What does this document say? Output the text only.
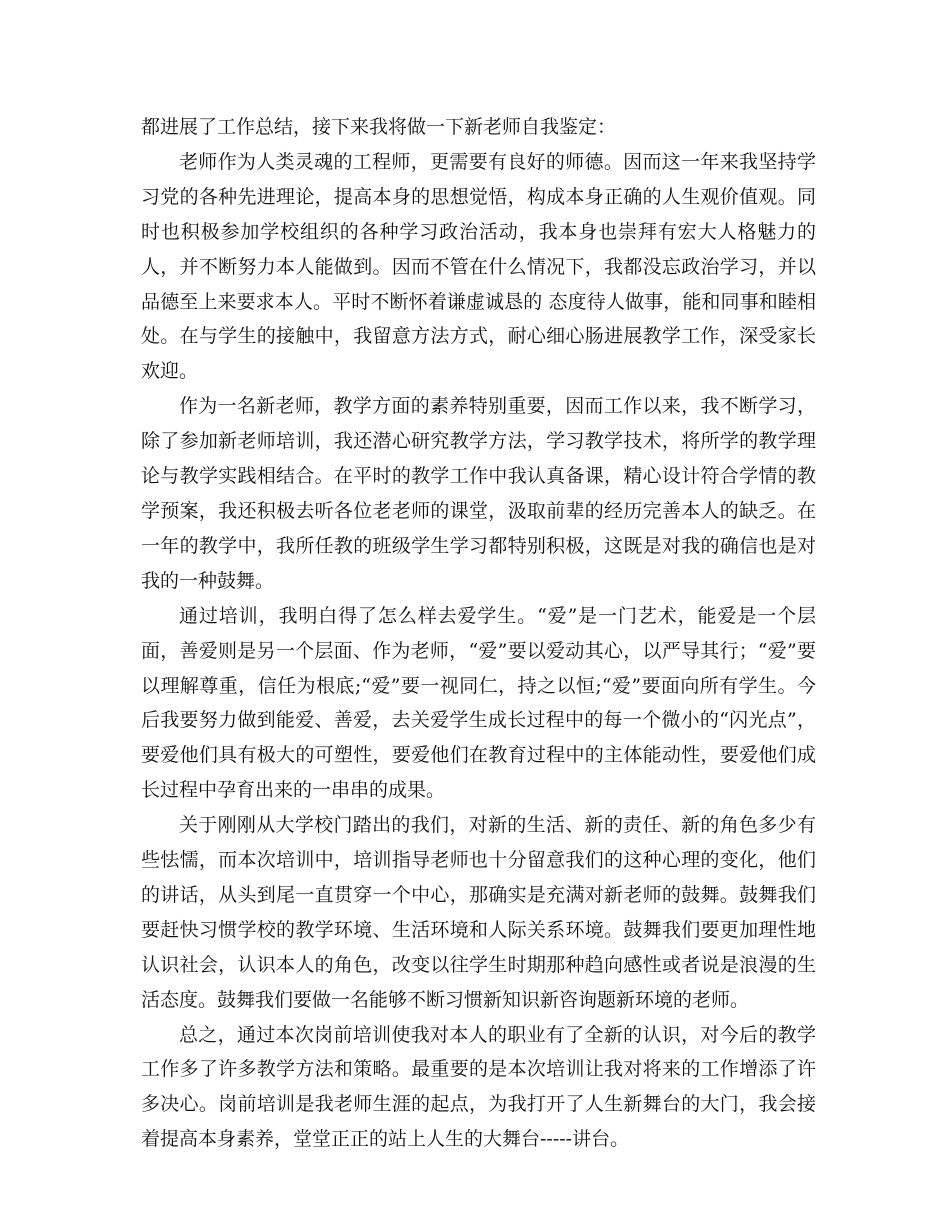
都进展了工作总结，接下来我将做一下新老师自我鉴定：

老师作为人类灵魂的工程师，更需要有良好的师德。因而这一年来我坚持学习党的各种先进理论，提高本身的思想觉悟，构成本身正确的人生观价值观。同时也积极参加学校组织的各种学习政治活动，我本身也崇拜有宏大人格魅力的人，并不断努力本人能做到。因而不管在什么情况下，我都没忘政治学习，并以品德至上来要求本人。平时不断怀着谦虚诚恳的 态度待人做事，能和同事和睦相处。在与学生的接触中，我留意方法方式，耐心细心肠进展教学工作，深受家长欢迎。

作为一名新老师，教学方面的素养特别重要，因而工作以来，我不断学习，除了参加新老师培训，我还潜心研究教学方法，学习教学技术，将所学的教学理论与教学实践相结合。在平时的教学工作中我认真备课，精心设计符合学情的教学预案，我还积极去听各位老老师的课堂，汲取前辈的经历完善本人的缺乏。在一年的教学中，我所任教的班级学生学习都特别积极，这既是对我的确信也是对我的一种鼓舞。

通过培训，我明白得了怎么样去爱学生。“爱”是一门艺术，能爱是一个层面，善爱则是另一个层面、作为老师，“爱”要以爱动其心，以严导其行；“爱”要以理解尊重，信任为根底;“爱”要一视同仁，持之以恒;“爱”要面向所有学生。今后我要努力做到能爱、善爱，去关爱学生成长过程中的每一个微小的“闪光点”，要爱他们具有极大的可塑性，要爱他们在教育过程中的主体能动性，要爱他们成长过程中孕育出来的一串串的成果。

关于刚刚从大学校门踏出的我们，对新的生活、新的责任、新的角色多少有些怯懦，而本次培训中，培训指导老师也十分留意我们的这种心理的变化，他们的讲话，从头到尾一直贯穿一个中心，那确实是充满对新老师的鼓舞。鼓舞我们要赶快习惯学校的教学环境、生活环境和人际关系环境。鼓舞我们要更加理性地认识社会，认识本人的角色，改变以往学生时期那种趋向感性或者说是浪漫的生活态度。鼓舞我们要做一名能够不断习惯新知识新咨询题新环境的老师。

总之，通过本次岗前培训使我对本人的职业有了全新的认识，对今后的教学工作多了许多教学方法和策略。最重要的是本次培训让我对将来的工作增添了许多决心。岗前培训是我老师生涯的起点，为我打开了人生新舞台的大门，我会接着提高本身素养，堂堂正正的站上人生的大舞台-----讲台。
